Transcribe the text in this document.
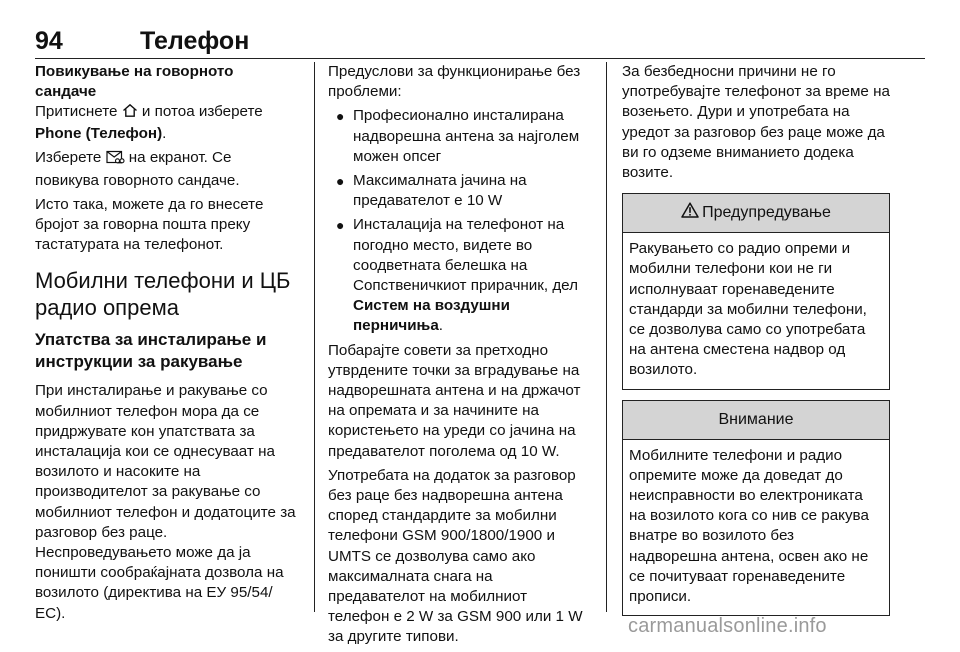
94	Телефон
Повикување на говорното сандаче

Притиснете и потоа изберете Phone (Телефон).

Изберете на екранот. Се повикува говорното сандаче.

Исто така, можете да го внесете бројот за говорна пошта преку тастатурата на телефонот.

Мобилни телефони и ЦБ радио опрема
Упатства за инсталирање и инструкции за ракување

При инсталирање и ракување со мобилниот телефон мора да се придржувате кон упатствата за инсталација кои се однесуваат на возилото и насоките на производителот за ракување со мобилниот телефон и додатоците за разговор без раце.

Неспроведувањето може да ја поништи сообраќајната дозвола на возилото (директива на ЕУ 95/54/ ЕС).

Предуслови за функционирање без проблеми:

● Професионално инсталирана надворешна антена за најголем можен опсег
● Максималната јачина на предавателот е 10 W
● Инсталација на телефонот на погодно место, видете во соодветната белешка на Сопственичкиот прирачник, дел Систем на воздушни перничиња.

Побарајте совети за претходно утврдените точки за вградување на надворешната антена и на држачот на опремата и за начините на користењето на уреди со јачина на предавателот поголема од 10 W.

Употребата на додаток за разговор без раце без надворешна антена според стандардите за мобилни телефони GSM 900/1800/1900 и UMTS се дозволува само ако максималната снага на предавателот на мобилниот телефон е 2 W за GSM 900 или 1 W за другите типови.

За безбедносни причини не го употребувајте телефонот за време на возењето. Дури и употребата на уредот за разговор без раце може да ви го одземе вниманието додека возите.

Предупредување
Ракувањето со радио опреми и мобилни телефони кои не ги исполнуваат горенаведените стандарди за мобилни телефони, се дозволува само со употребата на антена сместена надвор од возилото.
Внимание
Мобилните телефони и радио опремите може да доведат до неисправности во електрониката на возилото кога со нив се ракува внатре во возилото без надворешна антена, освен ако не се почитуваат горенаведените прописи.
carmanualsonline.info
